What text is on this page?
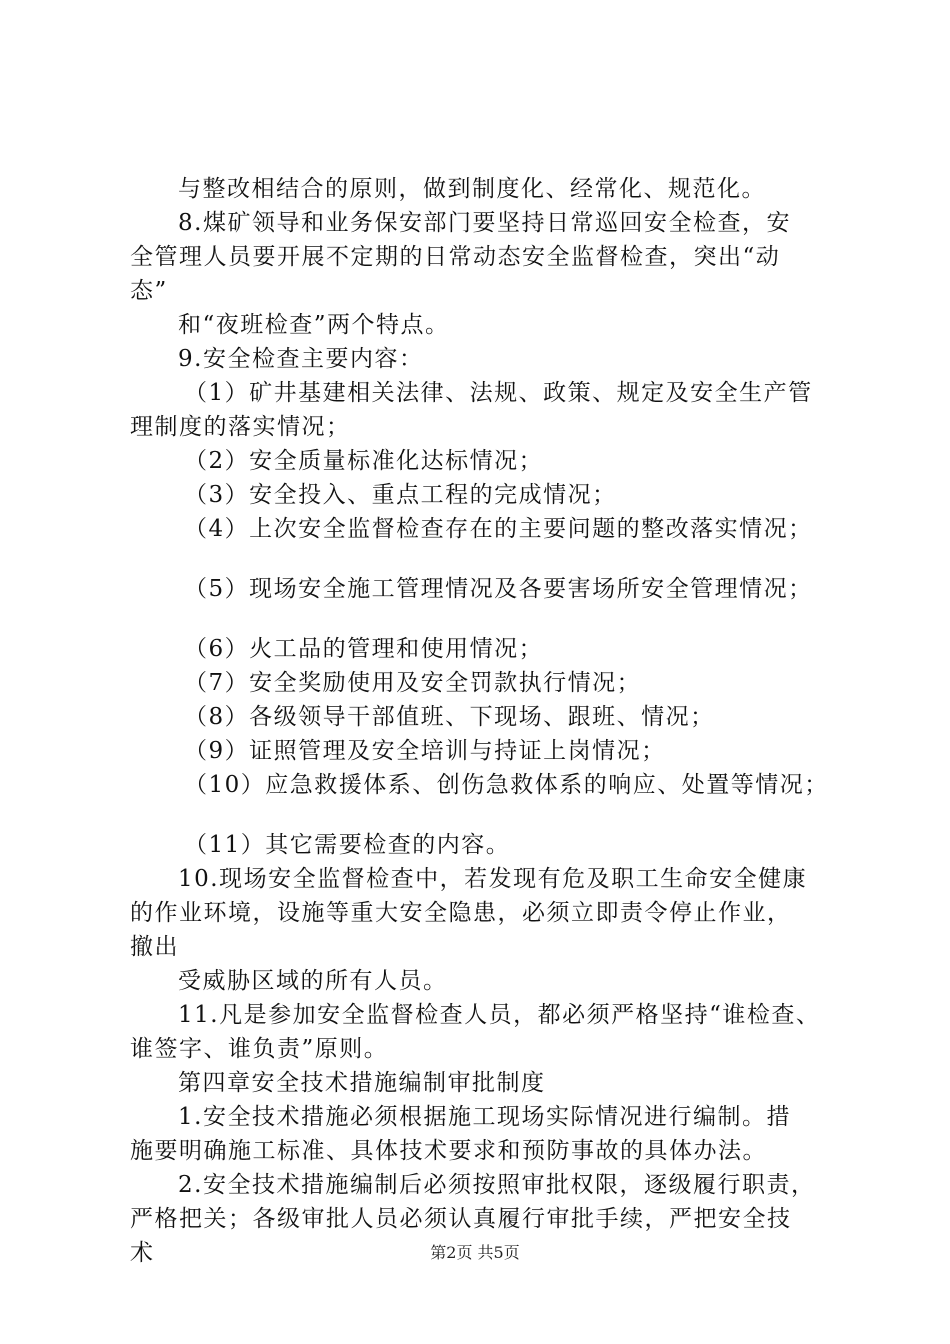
与整改相结合的原则，做到制度化、经常化、规范化。
8.煤矿领导和业务保安部门要坚持日常巡回安全检查，安
全管理人员要开展不定期的日常动态安全监督检查，突出“动
态”
和“夜班检查”两个特点。
9.安全检查主要内容：
（1）矿井基建相关法律、法规、政策、规定及安全生产管
理制度的落实情况；
（2）安全质量标准化达标情况；
（3）安全投入、重点工程的完成情况；
（4）上次安全监督检查存在的主要问题的整改落实情况；
（5）现场安全施工管理情况及各要害场所安全管理情况；
（6）火工品的管理和使用情况；
（7）安全奖励使用及安全罚款执行情况；
（8）各级领导干部值班、下现场、跟班、情况；
（9）证照管理及安全培训与持证上岗情况；
（10）应急救援体系、创伤急救体系的响应、处置等情况；
（11）其它需要检查的内容。
10.现场安全监督检查中，若发现有危及职工生命安全健康
的作业环境，设施等重大安全隐患，必须立即责令停止作业，
撤出
受威胁区域的所有人员。
11.凡是参加安全监督检查人员，都必须严格坚持“谁检查、
谁签字、谁负责”原则。
第四章安全技术措施编制审批制度
1.安全技术措施必须根据施工现场实际情况进行编制。措
施要明确施工标准、具体技术要求和预防事故的具体办法。
2.安全技术措施编制后必须按照审批权限，逐级履行职责，
严格把关；各级审批人员必须认真履行审批手续，严把安全技
术	第2页 共5页
